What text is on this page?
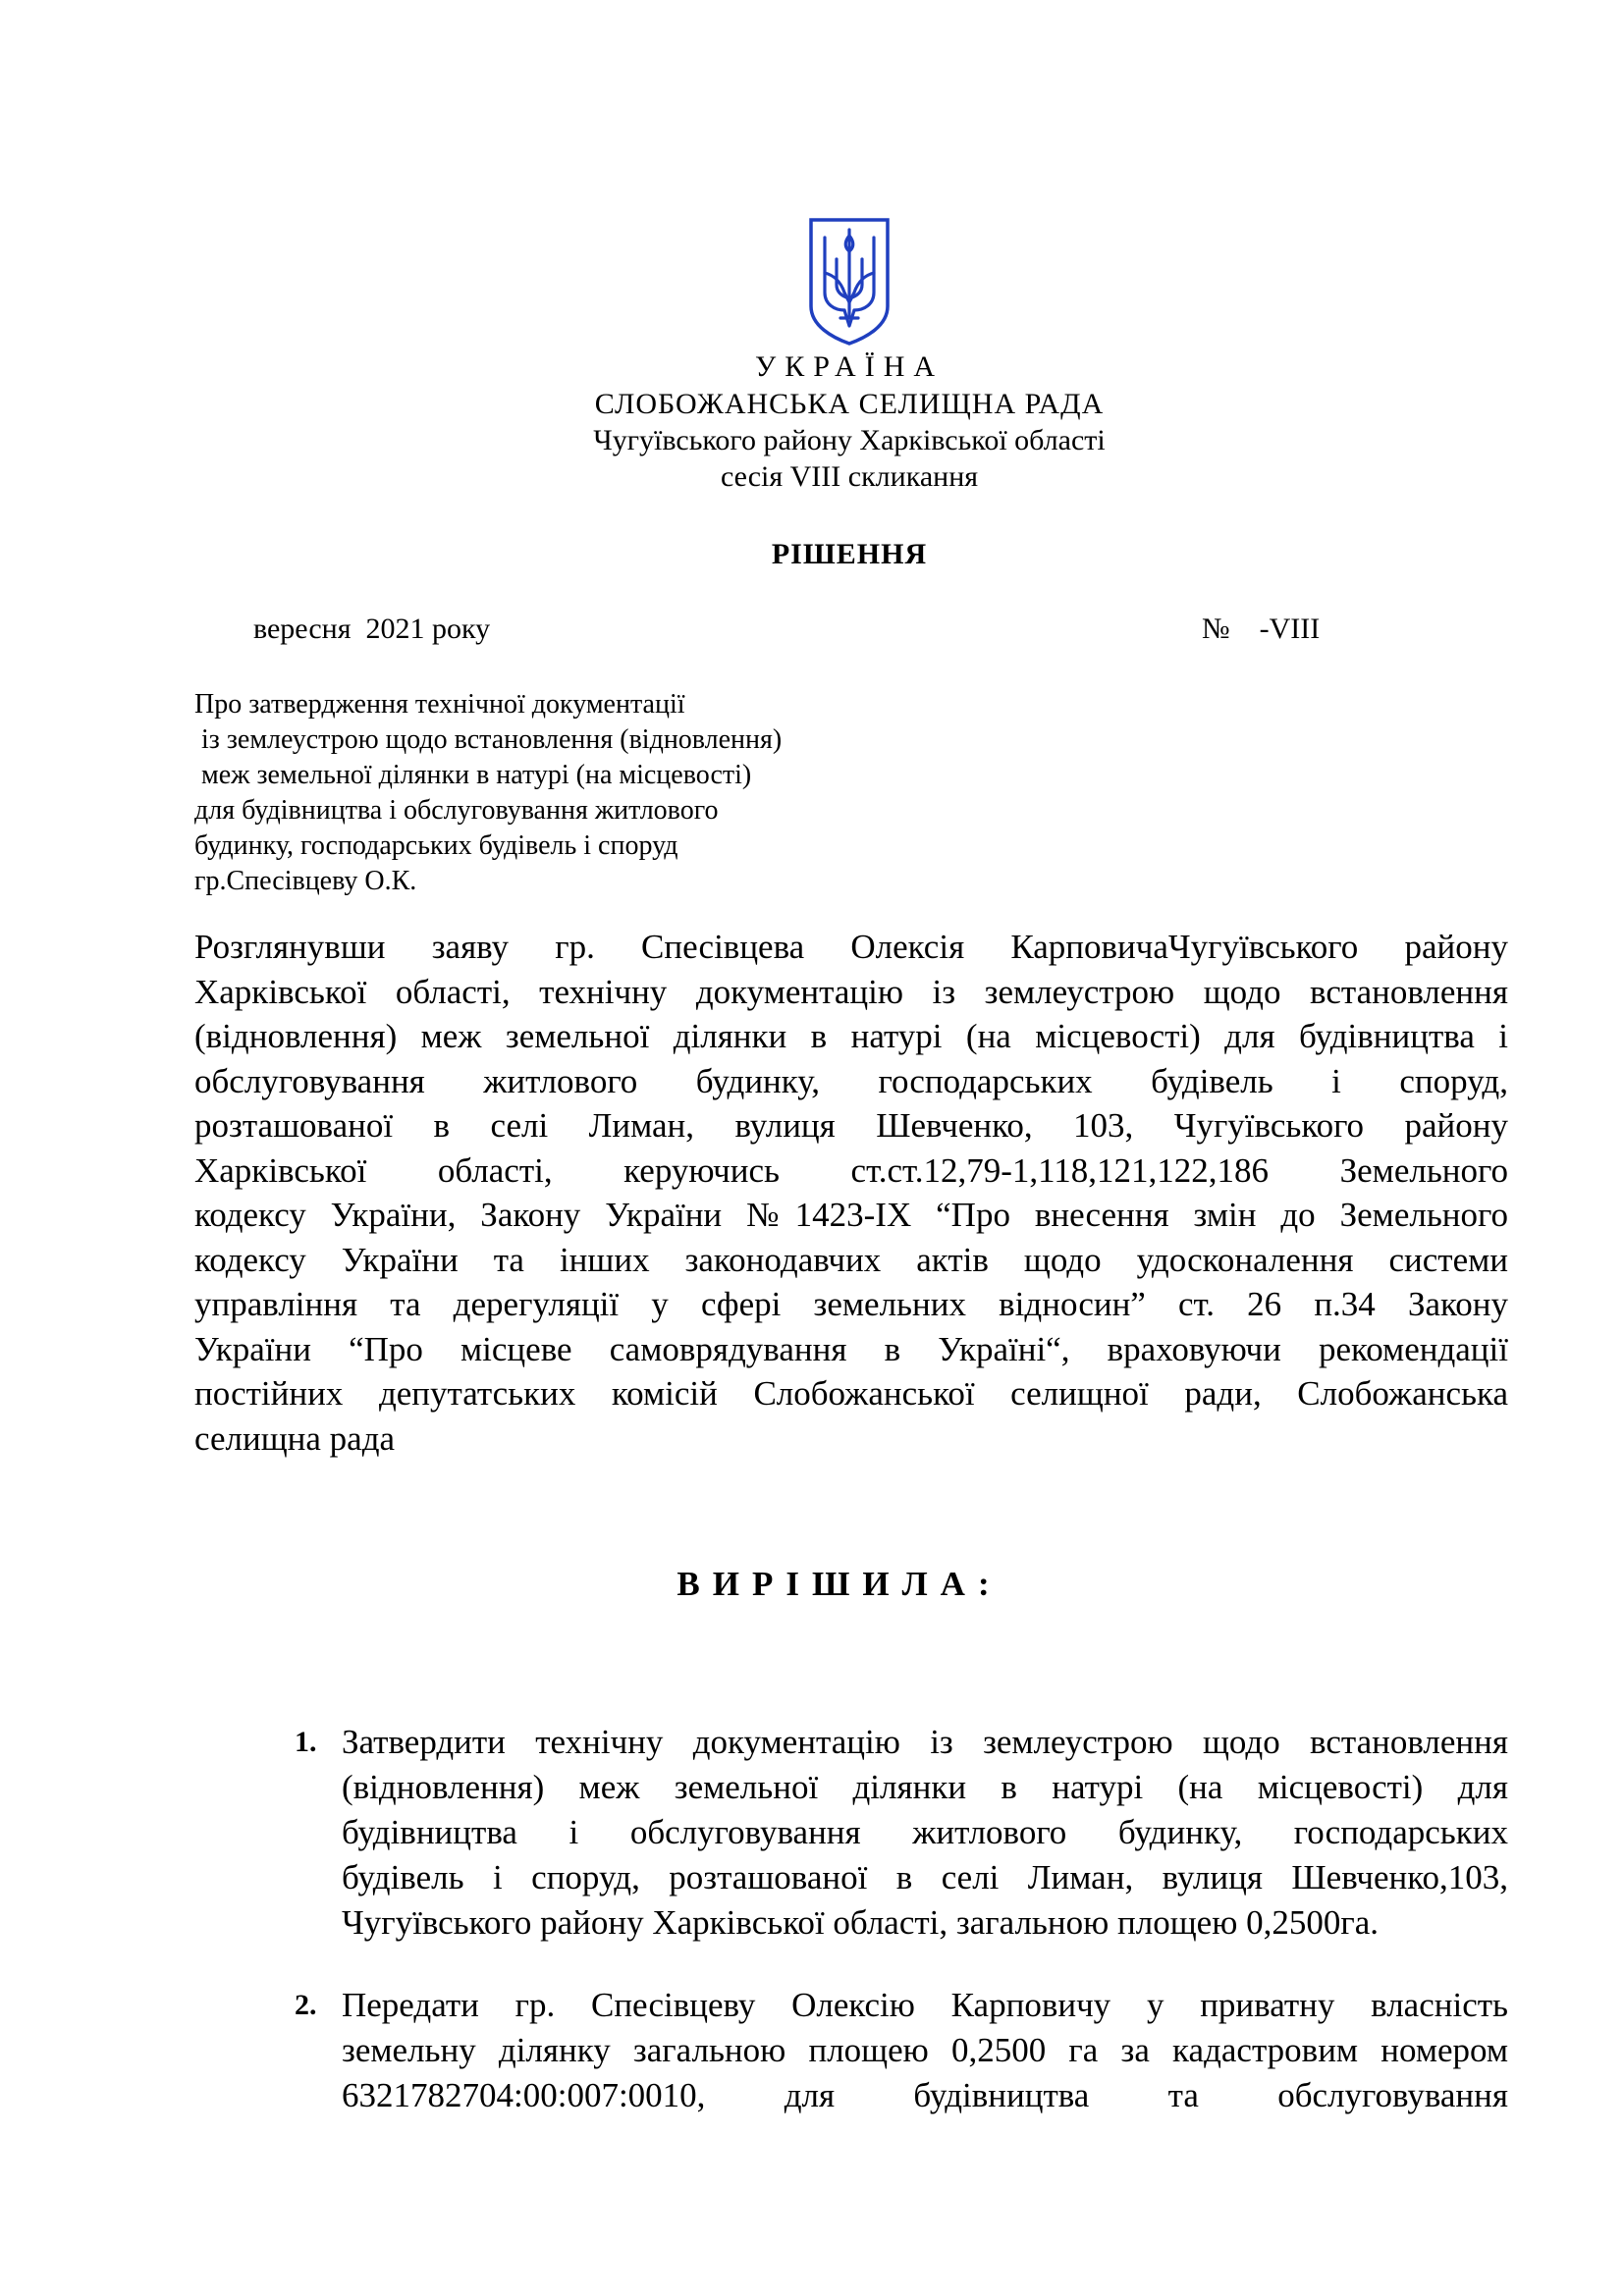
УКРАЇНА
СЛОБОЖАНСЬКА СЕЛИЩНА РАДА
Чугуївського району Харківської області
сесія VIII скликання
РІШЕННЯ
вересня  2021 року	№    -VIII
Про затвердження технічної документації
із землеустрою щодо встановлення (відновлення)
меж земельної ділянки в натурі (на місцевості)
для будівництва і обслуговування житлового
будинку, господарських будівель і споруд
гр.Спесівцеву О.К.
Розглянувши заяву гр. Спесівцева Олексія КарповичаЧугуївського району
Харківської області, технічну документацію із землеустрою щодо встановлення
(відновлення) меж земельної ділянки в натурі (на місцевості) для будівництва і
обслуговування житлового будинку, господарських будівель і споруд,
розташованої в селі Лиман, вулиця Шевченко, 103, Чугуївського району
Харківської області, керуючись ст.ст.12,79-1,118,121,122,186 Земельного
кодексу України, Закону України №1423-IX “Про внесення змін до Земельного
кодексу України та інших законодавчих актів щодо удосконалення системи
управління та дерегуляції у сфері земельних відносин” ст. 26 п.34 Закону
України “Про місцеве самоврядування в Україні“, враховуючи рекомендації
постійних депутатських комісій Слобожанської селищної ради, Слобожанська
селищна рада
ВИРІШИЛА:
1. Затвердити технічну документацію із землеустрою щодо встановлення
(відновлення) меж земельної ділянки в натурі (на місцевості) для
будівництва і обслуговування житлового будинку, господарських
будівель і споруд, розташованої в селі Лиман, вулиця Шевченко,103,
Чугуївського району Харківської області, загальною площею 0,2500га.
2. Передати гр. Спесівцеву Олексію Карповичу у приватну власність
земельну ділянку загальною площею 0,2500 га за кадастровим номером
6321782704:00:007:0010, для будівництва та обслуговування
